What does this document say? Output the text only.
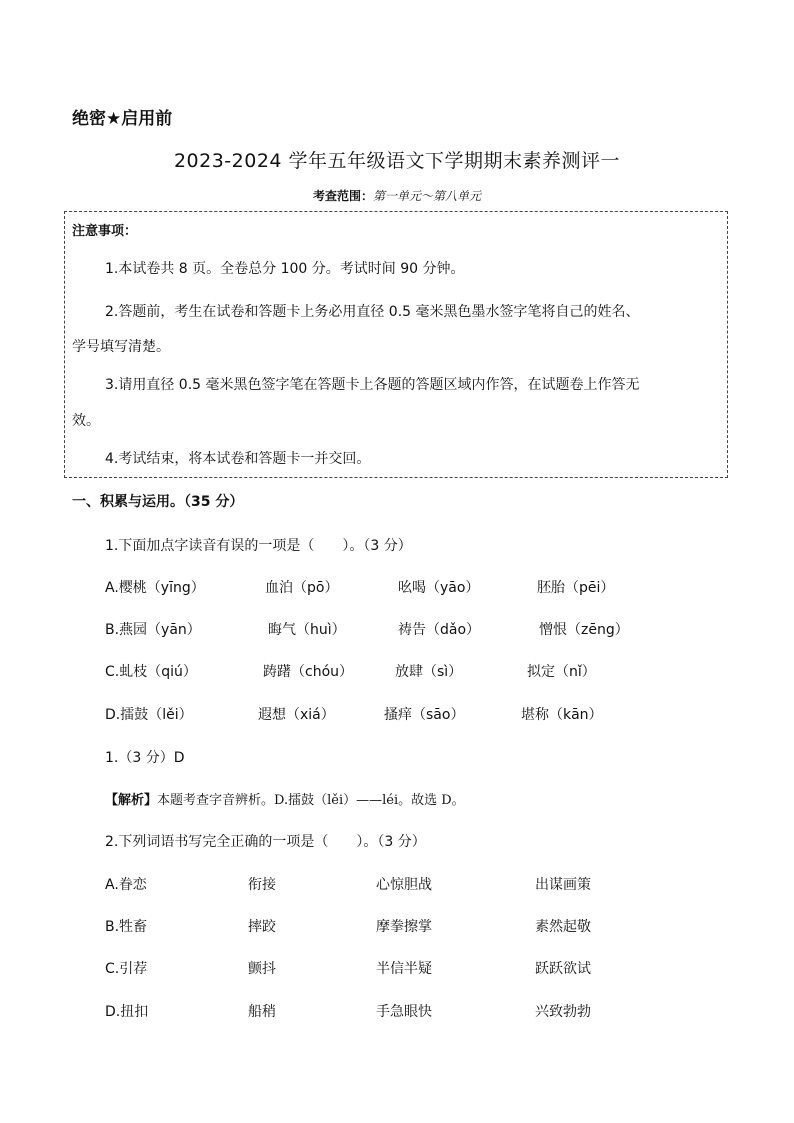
绝密★启用前
2023-2024 学年五年级语文下学期期末素养测评一
考查范围：第一单元～第八单元
注意事项：
1.本试卷共 8 页。全卷总分 100 分。考试时间 90 分钟。
2.答题前，考生在试卷和答题卡上务必用直径 0.5 毫米黑色墨水签字笔将自己的姓名、
学号填写清楚。
3.请用直径 0.5 毫米黑色签字笔在答题卡上各题的答题区域内作答，在试题卷上作答无
效。
4.考试结束，将本试卷和答题卡一并交回。
一、积累与运用。（35 分）
1.下面加点字读音有误的一项是（　　）。（3 分）
A.樱桃（yīng）	血泊（pō）	吆喝（yāo）	胚胎（pēi）
B.燕园（yān）	晦气（huì）	祷告（dǎo）	憎恨（zēng）
C.虬枝（qiú）	踌躇（chóu）	放肆（sì）	拟定（nǐ）
D.擂鼓（lěi）	遐想（xiá）	搔痒（sāo）	堪称（kān）
1.（3 分）D
【解析】本题考查字音辨析。D.擂鼓（lěi）——léi。故选 D。
2.下列词语书写完全正确的一项是（　　）。（3 分）
A.眷恋	衔接	心惊胆战	出谋画策
B.牲畜	摔跤	摩拳擦掌	素然起敬
C.引荐	颤抖	半信半疑	跃跃欲试
D.扭扣	船稍	手急眼快	兴致勃勃
